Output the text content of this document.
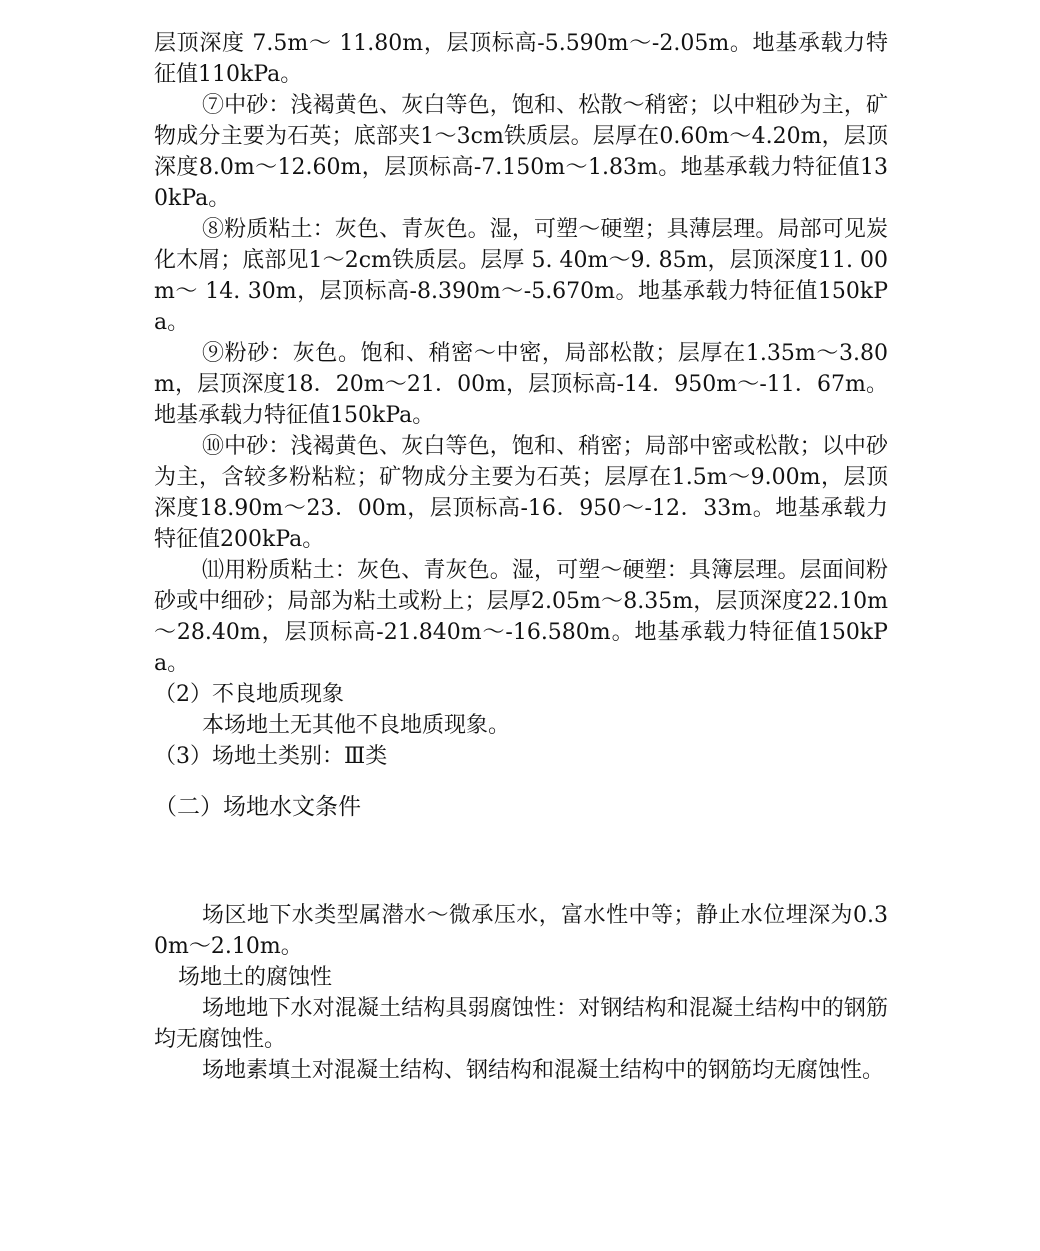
层顶深度 7.5m～ 11.80m，层顶标高-5.590m～-2.05m。地基承载力特征值110kPa。

⑦中砂：浅褐黄色、灰白等色，饱和、松散～稍密；以中粗砂为主，矿物成分主要为石英；底部夹1～3cm铁质层。层厚在0.60m～4.20m，层顶深度8.0m～12.60m，层顶标高-7.150m～1.83m。地基承载力特征值130kPa。

⑧粉质粘土：灰色、青灰色。湿，可塑～硬塑；具薄层理。局部可见炭化木屑；底部见1～2cm铁质层。层厚 5. 40m～9. 85m，层顶深度11. 00m～ 14. 30m，层顶标高-8.390m～-5.670m。地基承载力特征值150kPa。

⑨粉砂：灰色。饱和、稍密～中密，局部松散；层厚在1.35m～3.80m，层顶深度18．20m～21．00m，层顶标高-14．950m～-11．67m。地基承载力特征值150kPa。

⑩中砂：浅褐黄色、灰白等色，饱和、稍密；局部中密或松散；以中砂为主，含较多粉粘粒；矿物成分主要为石英；层厚在1.5m～9.00m，层顶深度18.90m～23．00m，层顶标高-16．950～-12．33m。地基承载力特征值200kPa。

⑾用粉质粘土：灰色、青灰色。湿，可塑～硬塑：具簿层理。层面间粉砂或中细砂；局部为粘土或粉上；层厚2.05m～8.35m，层顶深度22.10m～28.40m，层顶标高-21.840m～-16.580m。地基承载力特征值150kPa。

（2）不良地质现象

本场地土无其他不良地质现象。

（3）场地土类别：Ⅲ类

（二）场地水文条件

场区地下水类型属潜水～微承压水，富水性中等；静止水位埋深为0.30m～2.10m。

场地土的腐蚀性

场地地下水对混凝土结构具弱腐蚀性：对钢结构和混凝土结构中的钢筋均无腐蚀性。

场地素填土对混凝土结构、钢结构和混凝土结构中的钢筋均无腐蚀性。
